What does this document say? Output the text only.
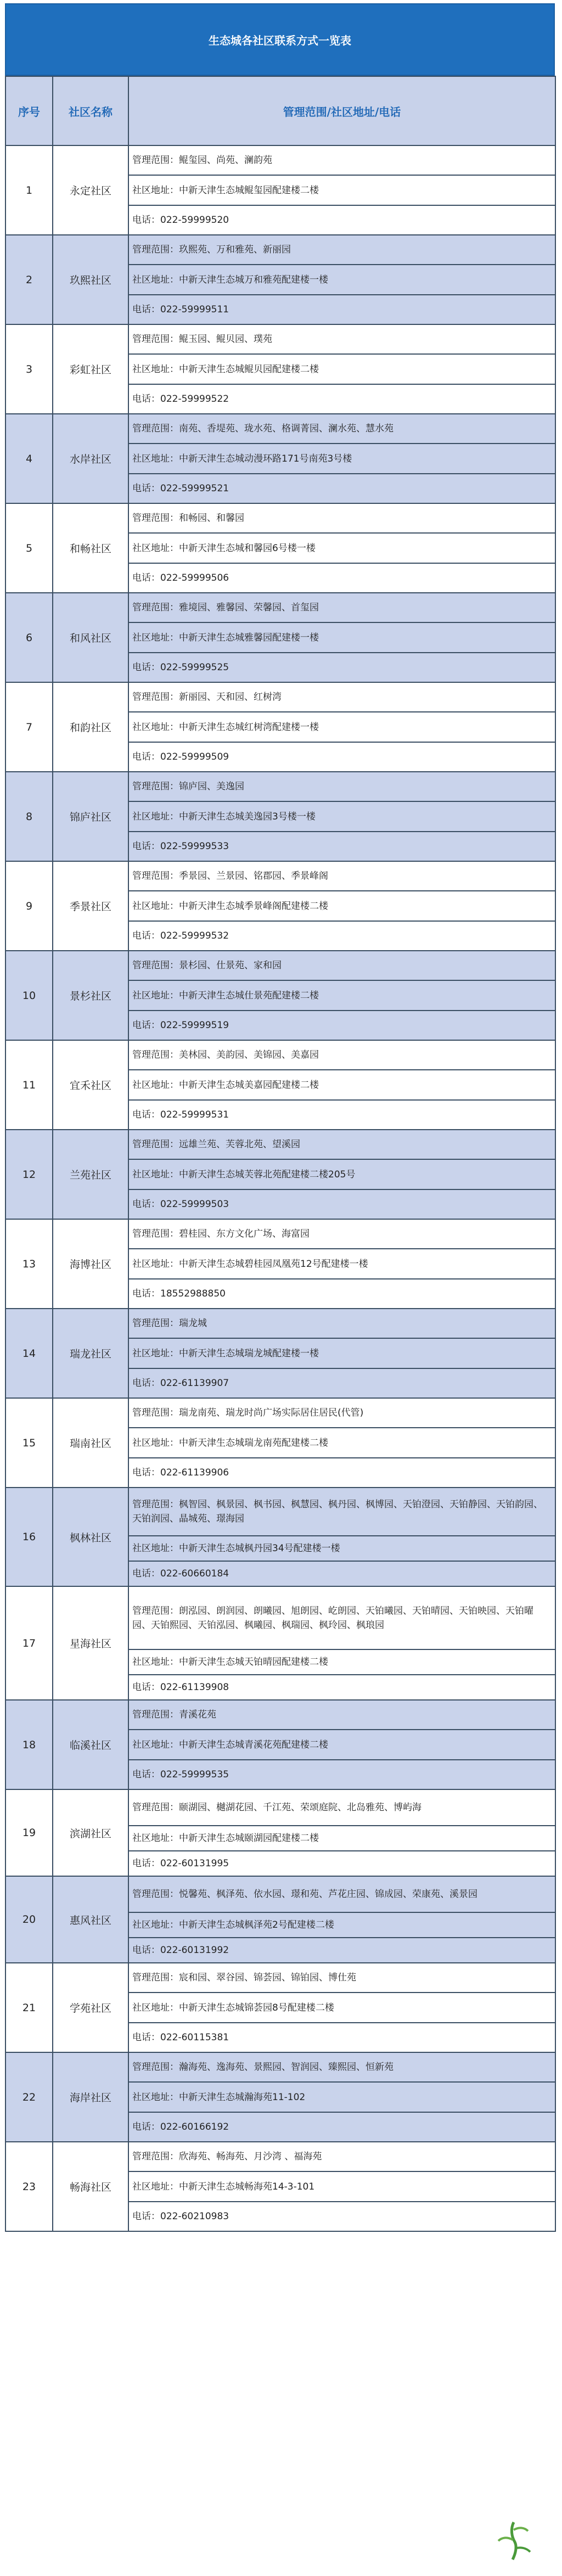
生态城各社区联系方式一览表
序号	社区名称	管理范围/社区地址/电话
1	永定社区	管理范围：鲲玺园、尚苑、澜韵苑
		社区地址：中新天津生态城鲲玺园配建楼二楼
		电话：022-59999520
2	玖熙社区	管理范围：玖熙苑、万和雅苑、新丽园
		社区地址：中新天津生态城万和雅苑配建楼一楼
		电话：022-59999511
3	彩虹社区	管理范围：鲲玉园、鲲贝园、璞苑
		社区地址：中新天津生态城鲲贝园配建楼二楼
		电话：022-59999522
4	水岸社区	管理范围：南苑、香堤苑、珑水苑、格调菁园、澜水苑、慧水苑
		社区地址：中新天津生态城动漫环路171号南苑3号楼
		电话：022-59999521
5	和畅社区	管理范围：和畅园、和馨园
		社区地址：中新天津生态城和馨园6号楼一楼
		电话：022-59999506
6	和风社区	管理范围：雅境园、雅馨园、荣馨园、首玺园
		社区地址：中新天津生态城雅馨园配建楼一楼
		电话：022-59999525
7	和韵社区	管理范围：新丽园、天和园、红树湾
		社区地址：中新天津生态城红树湾配建楼一楼
		电话：022-59999509
8	锦庐社区	管理范围：锦庐园、美逸园
		社区地址：中新天津生态城美逸园3号楼一楼
		电话：022-59999533
9	季景社区	管理范围：季景园、兰景园、铭郡园、季景峰阁
		社区地址：中新天津生态城季景峰阁配建楼二楼
		电话：022-59999532
10	景杉社区	管理范围：景杉园、仕景苑、家和园
		社区地址：中新天津生态城仕景苑配建楼二楼
		电话：022-59999519
11	宜禾社区	管理范围：美林园、美韵园、美锦园、美嘉园
		社区地址：中新天津生态城美嘉园配建楼二楼
		电话：022-59999531
12	兰苑社区	管理范围：远雄兰苑、芙蓉北苑、望溪园
		社区地址：中新天津生态城芙蓉北苑配建楼二楼205号
		电话：022-59999503
13	海博社区	管理范围：碧桂园、东方文化广场、海富园
		社区地址：中新天津生态城碧桂园凤凰苑12号配建楼一楼
		电话：18552988850
14	瑞龙社区	管理范围：瑞龙城
		社区地址：中新天津生态城瑞龙城配建楼一楼
		电话：022-61139907
15	瑞南社区	管理范围：瑞龙南苑、瑞龙时尚广场实际居住居民(代管)
		社区地址：中新天津生态城瑞龙南苑配建楼二楼
		电话：022-61139906
16	枫林社区	管理范围：枫智园、枫景园、枫书园、枫慧园、枫丹园、枫博园、天铂澄园、天铂静园、天铂韵园、天铂润园、晶城苑、璟海园
		社区地址：中新天津生态城枫丹园34号配建楼一楼
		电话：022-60660184
17	星海社区	管理范围：朗泓园、朗润园、朗曦园、旭朗园、屹朗园、天铂曦园、天铂晴园、天铂映园、天铂曜园、天铂熙园、天铂泓园、枫曦园、枫瑞园、枫玲园、枫琅园
		社区地址：中新天津生态城天铂晴园配建楼二楼
		电话：022-61139908
18	临溪社区	管理范围：青溪花苑
		社区地址：中新天津生态城青溪花苑配建楼二楼
		电话：022-59999535
19	滨湖社区	管理范围：颐湖园、樾湖花园、千江苑、荣颂庭院、北岛雅苑、博屿海
		社区地址：中新天津生态城颐湖园配建楼二楼
		电话：022-60131995
20	惠风社区	管理范围：悦馨苑、枫泽苑、依水园、璟和苑、芦花庄园、锦成园、荣康苑、溪景园
		社区地址：中新天津生态城枫泽苑2号配建楼二楼
		电话：022-60131992
21	学苑社区	管理范围：宸和园、翠谷园、锦荟园、锦铂园、博仕苑
		社区地址：中新天津生态城锦荟园8号配建楼二楼
		电话：022-60115381
22	海岸社区	管理范围：瀚海苑、逸海苑、景熙园、智润园、臻熙园、恒新苑
		社区地址：中新天津生态城瀚海苑11-102
		电话：022-60166192
23	畅海社区	管理范围：欣海苑、畅海苑、月沙湾 、福海苑
		社区地址：中新天津生态城畅海苑14-3-101
		电话：022-60210983
